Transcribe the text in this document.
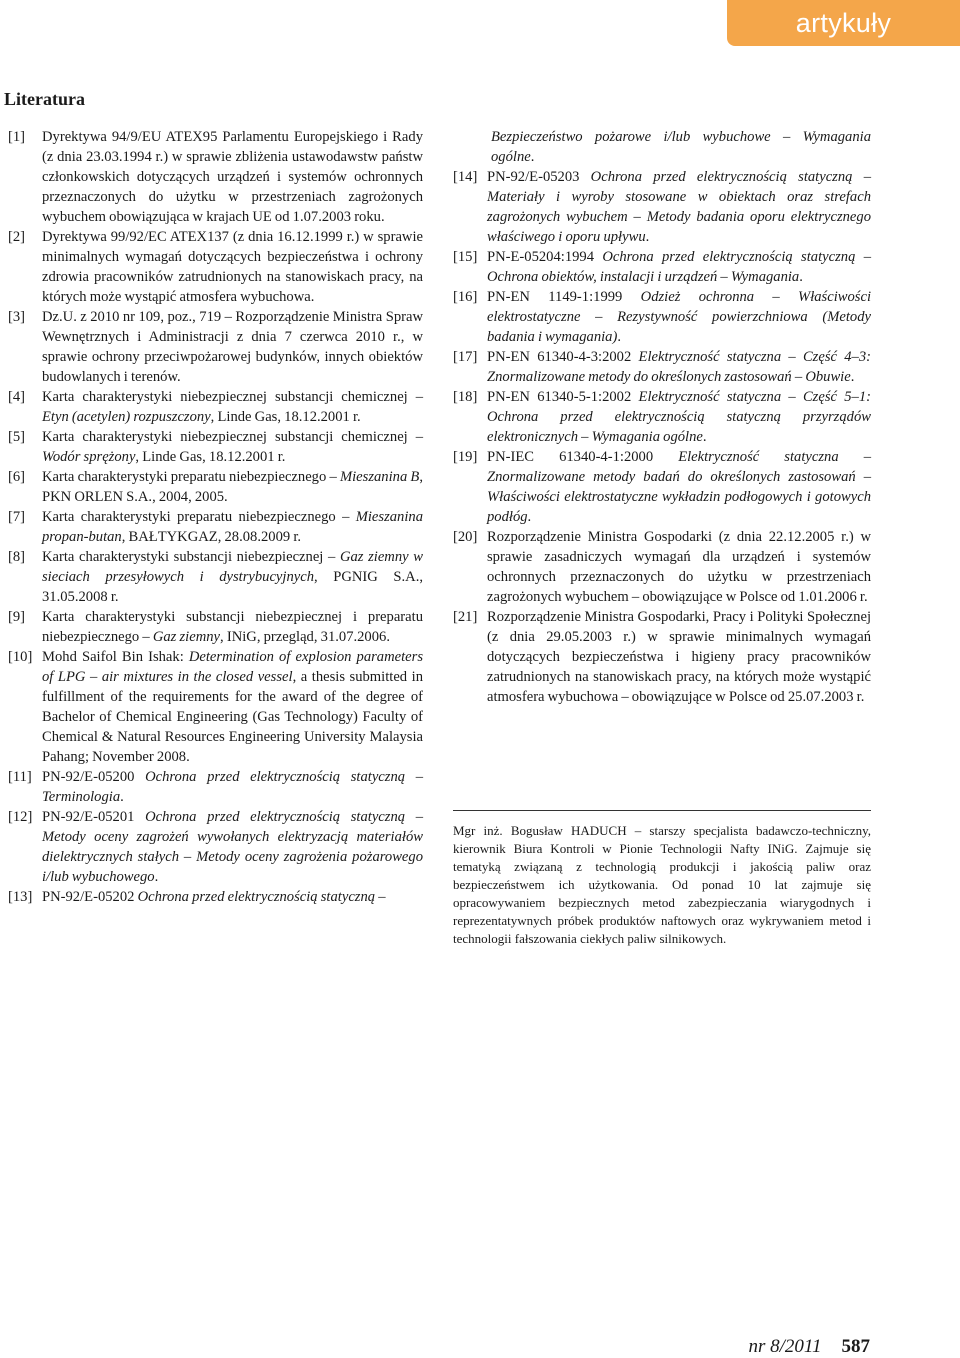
artykuły
Literatura

[1] Dyrektywa 94/9/EU ATEX95 Parlamentu Europejskiego i Rady (z dnia 23.03.1994 r.) w sprawie zbliżenia ustawodawstw państw członkowskich dotyczących urządzeń i systemów ochronnych przeznaczonych do użytku w przestrzeniach zagrożonych wybuchem obowiązująca w krajach UE od 1.07.2003 roku.

[2] Dyrektywa 99/92/EC ATEX137 (z dnia 16.12.1999 r.) w sprawie minimalnych wymagań dotyczących bezpieczeństwa i ochrony zdrowia pracowników zatrudnionych na stanowiskach pracy, na których może wystąpić atmosfera wybuchowa.

[3] Dz.U. z 2010 nr 109, poz., 719 – Rozporządzenie Ministra Spraw Wewnętrznych i Administracji z dnia 7 czerwca 2010 r., w sprawie ochrony przeciwpożarowej budynków, innych obiektów budowlanych i terenów.

[4] Karta charakterystyki niebezpiecznej substancji chemicznej – Etyn (acetylen) rozpuszczony, Linde Gas, 18.12.2001 r.

[5] Karta charakterystyki niebezpiecznej substancji chemicznej – Wodór sprężony, Linde Gas, 18.12.2001 r.

[6] Karta charakterystyki preparatu niebezpiecznego – Mieszanina B, PKN ORLEN S.A., 2004, 2005.

[7] Karta charakterystyki preparatu niebezpiecznego – Mieszanina propan-butan, BAŁTYKGAZ, 28.08.2009 r.

[8] Karta charakterystyki substancji niebezpiecznej – Gaz ziemny w sieciach przesyłowych i dystrybucyjnych, PGNIG S.A., 31.05.2008 r.

[9] Karta charakterystyki substancji niebezpiecznej i preparatu niebezpiecznego – Gaz ziemny, INiG, przegląd, 31.07.2006.

[10] Mohd Saifol Bin Ishak: Determination of explosion parameters of LPG – air mixtures in the closed vessel, a thesis submitted in fulfillment of the requirements for the award of the degree of Bachelor of Chemical Engineering (Gas Technology) Faculty of Chemical & Natural Resources Engineering University Malaysia Pahang; November 2008.

[11] PN-92/E-05200 Ochrona przed elektrycznością statyczną – Terminologia.

[12] PN-92/E-05201 Ochrona przed elektrycznością statyczną – Metody oceny zagrożeń wywołanych elektryzacją materiałów dielektrycznych stałych – Metody oceny zagrożenia pożarowego i/lub wybuchowego.

[13] PN-92/E-05202 Ochrona przed elektrycznością statyczną –

Bezpieczeństwo pożarowe i/lub wybuchowe – Wymagania ogólne.

[14] PN-92/E-05203 Ochrona przed elektrycznością statyczną – Materiały i wyroby stosowane w obiektach oraz strefach zagrożonych wybuchem – Metody badania oporu elektrycznego właściwego i oporu upływu.

[15] PN-E-05204:1994 Ochrona przed elektrycznością statyczną – Ochrona obiektów, instalacji i urządzeń – Wymagania.

[16] PN-EN 1149-1:1999 Odzież ochronna – Właściwości elektrostatyczne – Rezystywność powierzchniowa (Metody badania i wymagania).

[17] PN-EN 61340-4-3:2002 Elektryczność statyczna – Część 4–3: Znormalizowane metody do określonych zastosowań – Obuwie.

[18] PN-EN 61340-5-1:2002 Elektryczność statyczna – Część 5–1: Ochrona przed elektrycznością statyczną przyrządów elektronicznych – Wymagania ogólne.

[19] PN-IEC 61340-4-1:2000 Elektryczność statyczna – Znormalizowane metody badań do określonych zastosowań – Właściwości elektrostatyczne wykładzin podłogowych i gotowych podłóg.

[20] Rozporządzenie Ministra Gospodarki (z dnia 22.12.2005 r.) w sprawie zasadniczych wymagań dla urządzeń i systemów ochronnych przeznaczonych do użytku w przestrzeniach zagrożonych wybuchem – obowiązujące w Polsce od 1.01.2006 r.

[21] Rozporządzenie Ministra Gospodarki, Pracy i Polityki Społecznej (z dnia 29.05.2003 r.) w sprawie minimalnych wymagań dotyczących bezpieczeństwa i higieny pracy pracowników zatrudnionych na stanowiskach pracy, na których może wystąpić atmosfera wybuchowa – obowiązujące w Polsce od 25.07.2003 r.

Mgr inż. Bogusław HADUCH – starszy specjalista badawczo-techniczny, kierownik Biura Kontroli w Pionie Technologii Nafty INiG. Zajmuje się tematyką związaną z technologią produkcji i jakością paliw oraz bezpieczeństwem ich użytkowania. Od ponad 10 lat zajmuje się opracowywaniem bezpiecznych metod zabezpieczania wiarygodnych i reprezentatywnych próbek produktów naftowych oraz wykrywaniem metod i technologii fałszowania ciekłych paliw silnikowych.

nr 8/2011 587
